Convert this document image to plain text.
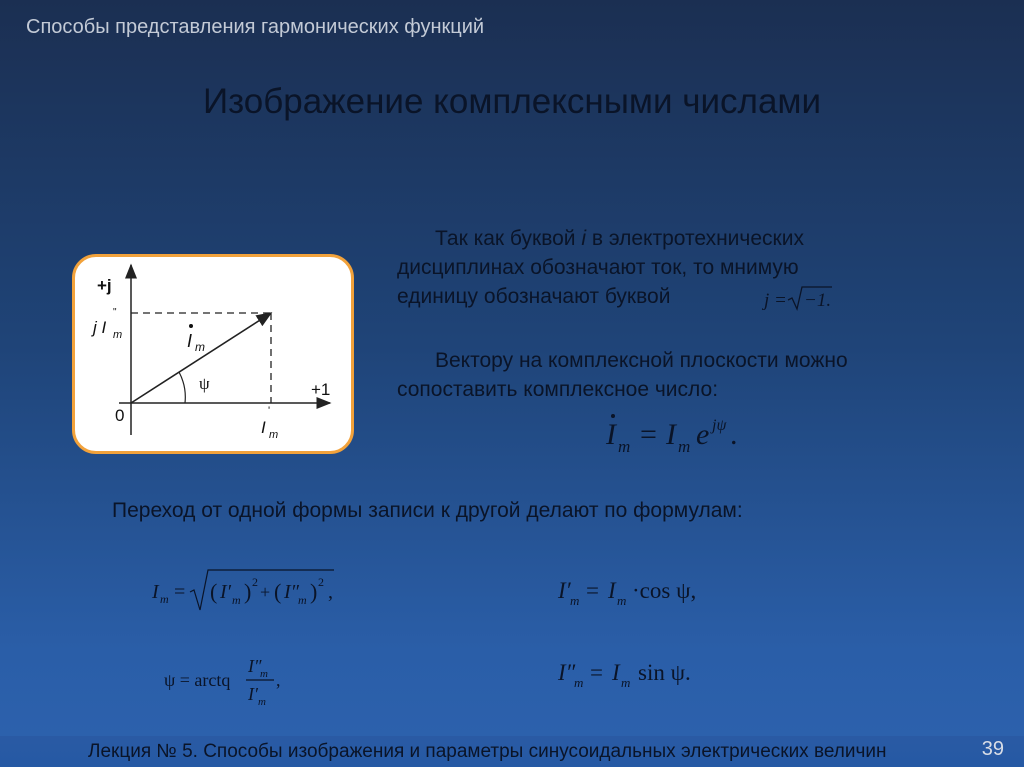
Способы представления гармонических функций
Изображение комплексными числами
Так как буквой i в электротехнических
дисциплинах обозначают ток, то мнимую
единицу обозначают буквой	j = −1.
Вектору на комплексной плоскости можно
сопоставить комплексное число:
I m = I m e jψ .
+j
+1
0
I m
ψ
j I
"
m
I
'
m
Переход от одной формы записи к другой делают по формулам:
I m = ( I′ m ) 2 + ( I″ m ) 2 ,	I′ m = I m ·cos ψ,
ψ = arctq
I″
m
I′ m
,	I″
m = I m sin ψ.
Лекция № 5. Способы изображения и параметры синусоидальных электрических величин	39
